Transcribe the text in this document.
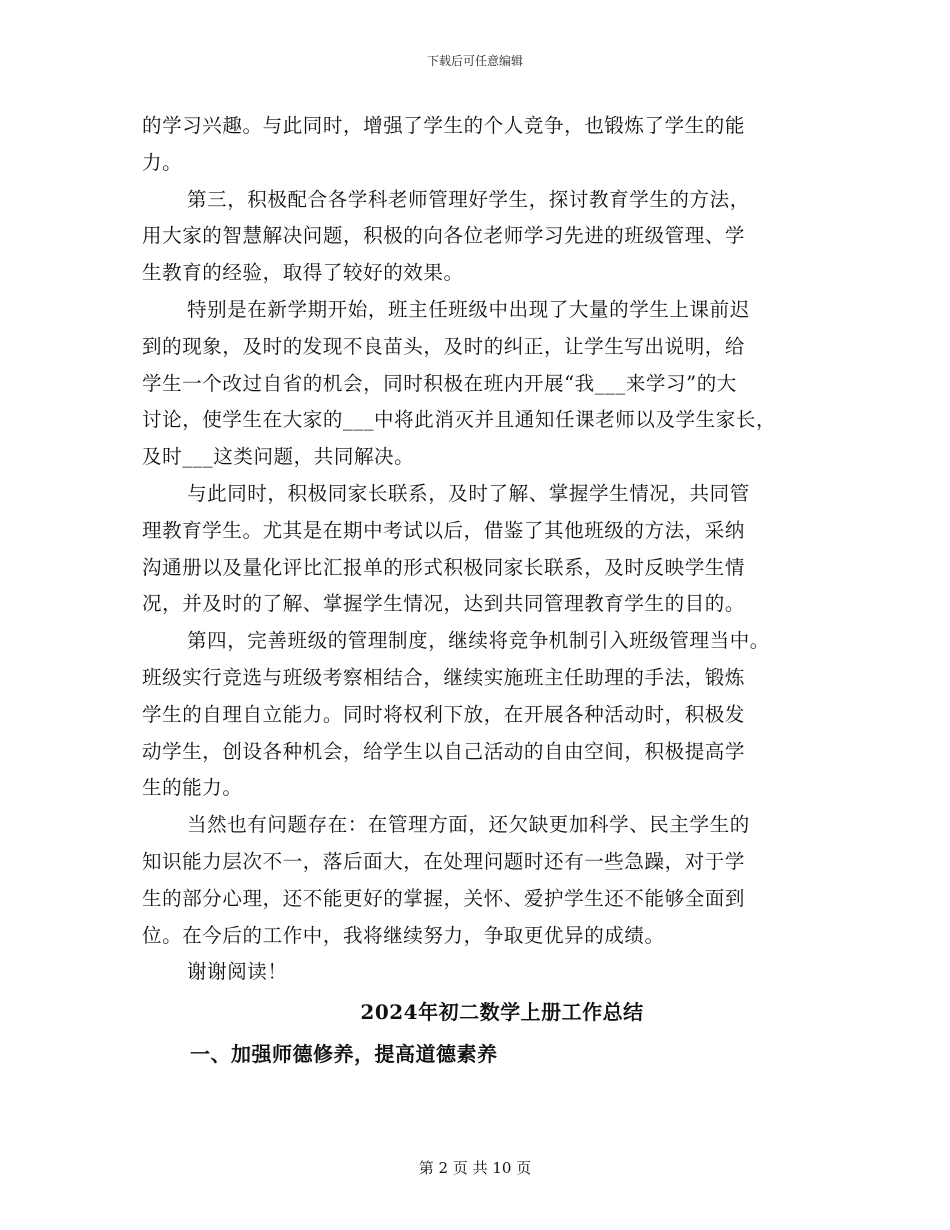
下载后可任意编辑
的学习兴趣。与此同时，增强了学生的个人竞争，也锻炼了学生的能
力。
第三，积极配合各学科老师管理好学生，探讨教育学生的方法，
用大家的智慧解决问题，积极的向各位老师学习先进的班级管理、学
生教育的经验，取得了较好的效果。
特别是在新学期开始，班主任班级中出现了大量的学生上课前迟
到的现象，及时的发现不良苗头，及时的纠正，让学生写出说明，给
学生一个改过自省的机会，同时积极在班内开展“我___来学习”的大
讨论，使学生在大家的___中将此消灭并且通知任课老师以及学生家长，
及时___这类问题，共同解决。
与此同时，积极同家长联系，及时了解、掌握学生情况，共同管
理教育学生。尤其是在期中考试以后，借鉴了其他班级的方法，采纳
沟通册以及量化评比汇报单的形式积极同家长联系，及时反映学生情
况，并及时的了解、掌握学生情况，达到共同管理教育学生的目的。
第四，完善班级的管理制度，继续将竞争机制引入班级管理当中。
班级实行竞选与班级考察相结合，继续实施班主任助理的手法，锻炼
学生的自理自立能力。同时将权利下放，在开展各种活动时，积极发
动学生，创设各种机会，给学生以自己活动的自由空间，积极提高学
生的能力。
当然也有问题存在：在管理方面，还欠缺更加科学、民主学生的
知识能力层次不一，落后面大，在处理问题时还有一些急躁，对于学
生的部分心理，还不能更好的掌握，关怀、爱护学生还不能够全面到
位。在今后的工作中，我将继续努力，争取更优异的成绩。
谢谢阅读！
2024年初二数学上册工作总结
一、加强师德修养，提高道德素养
第 2 页 共 10 页
